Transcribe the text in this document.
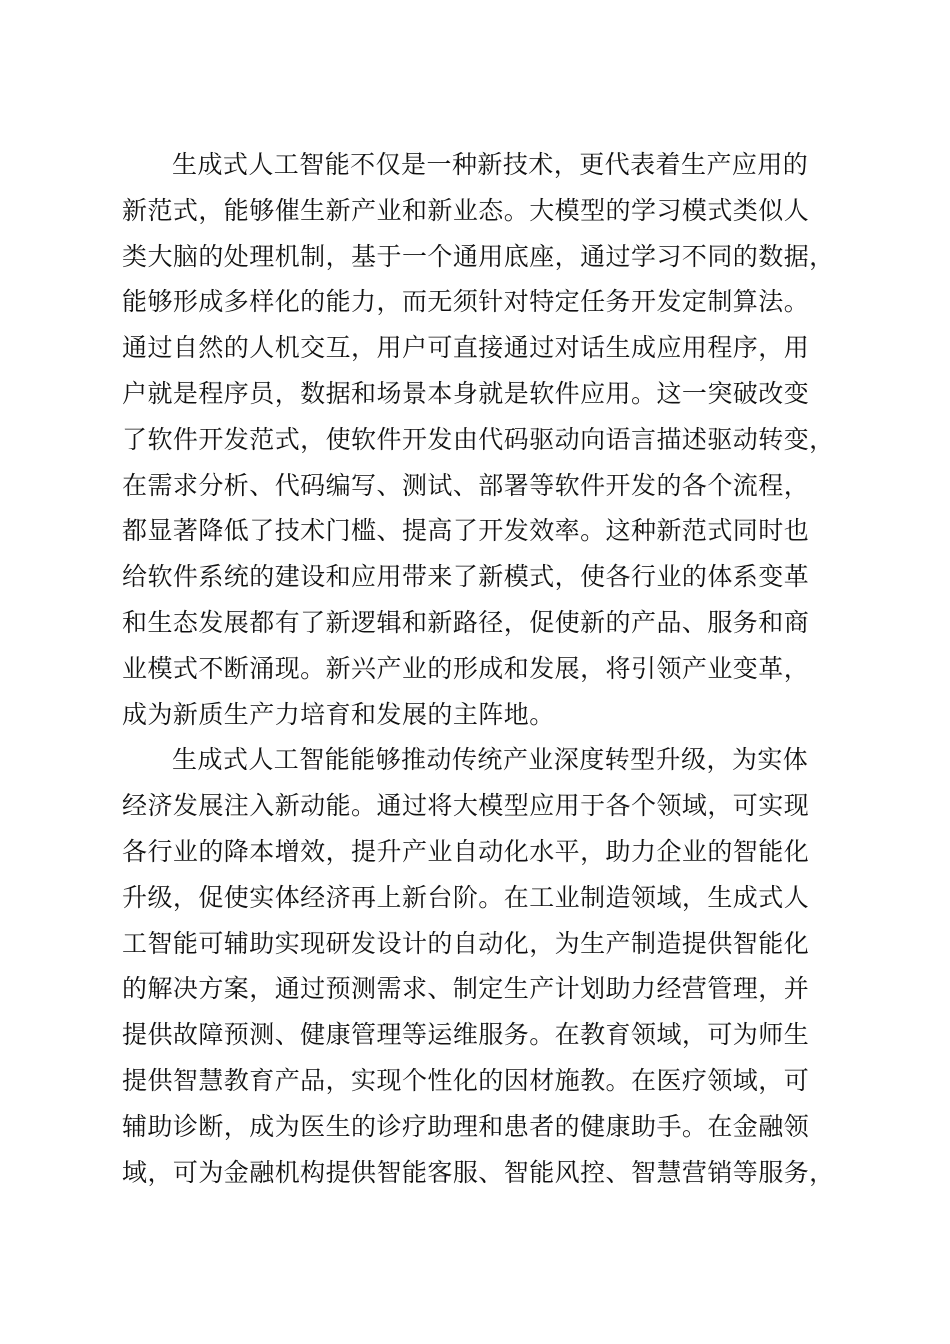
生成式人工智能不仅是一种新技术，更代表着生产应用的
新范式，能够催生新产业和新业态。大模型的学习模式类似人
类大脑的处理机制，基于一个通用底座，通过学习不同的数据，
能够形成多样化的能力，而无须针对特定任务开发定制算法。
通过自然的人机交互，用户可直接通过对话生成应用程序，用
户就是程序员，数据和场景本身就是软件应用。这一突破改变
了软件开发范式，使软件开发由代码驱动向语言描述驱动转变，
在需求分析、代码编写、测试、部署等软件开发的各个流程，
都显著降低了技术门槛、提高了开发效率。这种新范式同时也
给软件系统的建设和应用带来了新模式，使各行业的体系变革
和生态发展都有了新逻辑和新路径，促使新的产品、服务和商
业模式不断涌现。新兴产业的形成和发展，将引领产业变革，
成为新质生产力培育和发展的主阵地。
生成式人工智能能够推动传统产业深度转型升级，为实体
经济发展注入新动能。通过将大模型应用于各个领域，可实现
各行业的降本增效，提升产业自动化水平，助力企业的智能化
升级，促使实体经济再上新台阶。在工业制造领域，生成式人
工智能可辅助实现研发设计的自动化，为生产制造提供智能化
的解决方案，通过预测需求、制定生产计划助力经营管理，并
提供故障预测、健康管理等运维服务。在教育领域，可为师生
提供智慧教育产品，实现个性化的因材施教。在医疗领域，可
辅助诊断，成为医生的诊疗助理和患者的健康助手。在金融领
域，可为金融机构提供智能客服、智能风控、智慧营销等服务，
